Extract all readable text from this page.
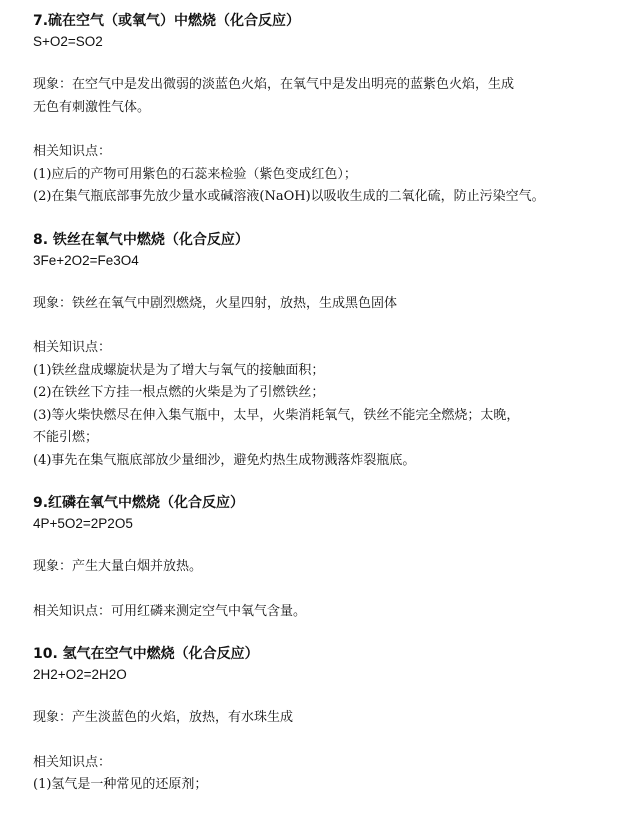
7.硫在空气（或氧气）中燃烧（化合反应）
S+O2=SO2
现象：在空气中是发出微弱的淡蓝色火焰，在氧气中是发出明亮的蓝紫色火焰，生成
无色有刺激性气体。
相关知识点：
(1)应后的产物可用紫色的石蕊来检验（紫色变成红色）；
(2)在集气瓶底部事先放少量水或碱溶液(NaOH)以吸收生成的二氧化硫，防止污染空气。
8. 铁丝在氧气中燃烧（化合反应）
3Fe+2O2=Fe3O4
现象：铁丝在氧气中剧烈燃烧，火星四射，放热，生成黑色固体
相关知识点：
(1)铁丝盘成螺旋状是为了增大与氧气的接触面积；
(2)在铁丝下方挂一根点燃的火柴是为了引燃铁丝；
(3)等火柴快燃尽在伸入集气瓶中，太早，火柴消耗氧气，铁丝不能完全燃烧；太晚，
不能引燃；
(4)事先在集气瓶底部放少量细沙，避免灼热生成物溅落炸裂瓶底。
9.红磷在氧气中燃烧（化合反应）
4P+5O2=2P2O5
现象：产生大量白烟并放热。
相关知识点：可用红磷来测定空气中氧气含量。
10. 氢气在空气中燃烧（化合反应）
2H2+O2=2H2O
现象：产生淡蓝色的火焰，放热，有水珠生成
相关知识点：
(1)氢气是一种常见的还原剂；
